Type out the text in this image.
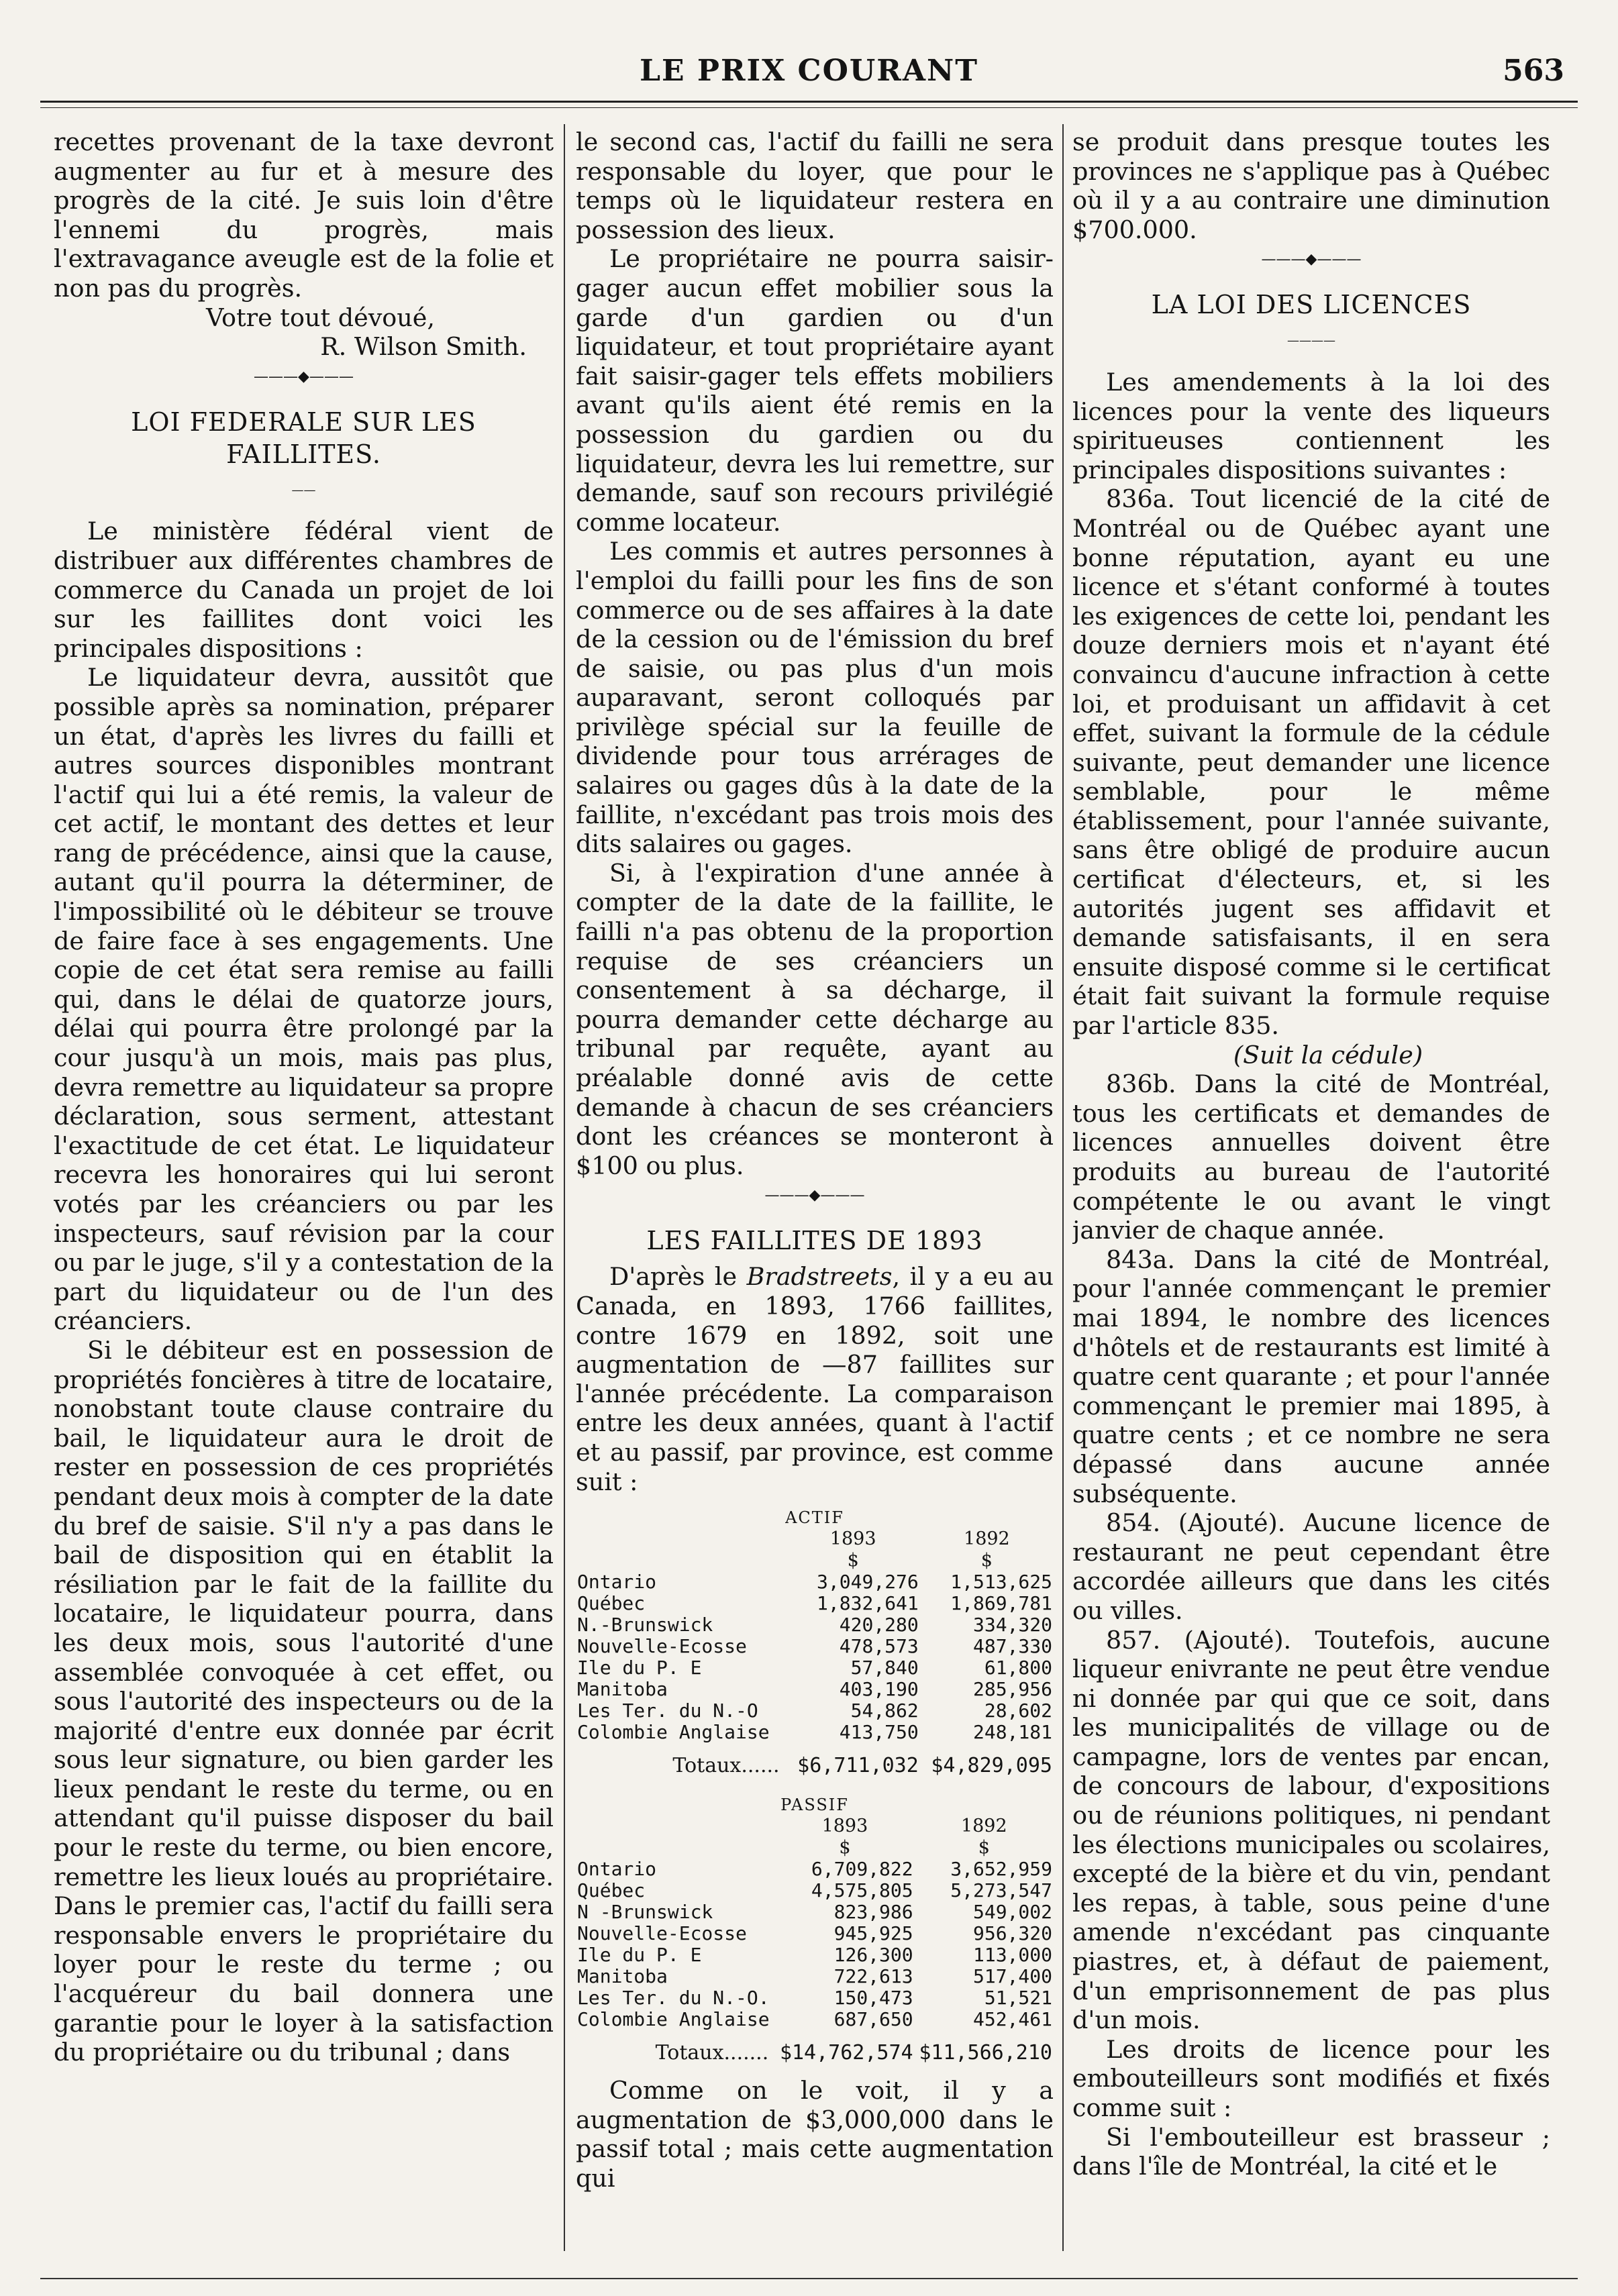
LE PRIX COURANT	563

recettes provenant de la taxe devront augmenter au fur et à mesure des progrès de la cité. Je suis loin d'être l'ennemi du progrès, mais l'extravagance aveugle est de la folie et non pas du progrès.

Votre tout dévoué,

R. Wilson Smith.

———◆———
LOI FEDERALE SUR LES FAILLITES.
——

Le ministère fédéral vient de distribuer aux différentes chambres de commerce du Canada un projet de loi sur les faillites dont voici les principales dispositions :

Le liquidateur devra, aussitôt que possible après sa nomination, préparer un état, d'après les livres du failli et autres sources disponibles montrant l'actif qui lui a été remis, la valeur de cet actif, le montant des dettes et leur rang de précédence, ainsi que la cause, autant qu'il pourra la déterminer, de l'impossibilité où le débiteur se trouve de faire face à ses engagements. Une copie de cet état sera remise au failli qui, dans le délai de quatorze jours, délai qui pourra être prolongé par la cour jusqu'à un mois, mais pas plus, devra remettre au liquidateur sa propre déclaration, sous serment, attestant l'exactitude de cet état. Le liquidateur recevra les honoraires qui lui seront votés par les créanciers ou par les inspecteurs, sauf révision par la cour ou par le juge, s'il y a contestation de la part du liquidateur ou de l'un des créanciers.

Si le débiteur est en possession de propriétés foncières à titre de locataire, nonobstant toute clause contraire du bail, le liquidateur aura le droit de rester en possession de ces propriétés pendant deux mois à compter de la date du bref de saisie. S'il n'y a pas dans le bail de disposition qui en établit la résiliation par le fait de la faillite du locataire, le liquidateur pourra, dans les deux mois, sous l'autorité d'une assemblée convoquée à cet effet, ou sous l'autorité des inspecteurs ou de la majorité d'entre eux donnée par écrit sous leur signature, ou bien garder les lieux pendant le reste du terme, ou en attendant qu'il puisse disposer du bail pour le reste du terme, ou bien encore, remettre les lieux loués au propriétaire. Dans le premier cas, l'actif du failli sera responsable envers le propriétaire du loyer pour le reste du terme ; ou l'acquéreur du bail donnera une garantie pour le loyer à la satisfaction du propriétaire ou du tribunal ; dans

le second cas, l'actif du failli ne sera responsable du loyer, que pour le temps où le liquidateur restera en possession des lieux.

Le propriétaire ne pourra saisir-gager aucun effet mobilier sous la garde d'un gardien ou d'un liquidateur, et tout propriétaire ayant fait saisir-gager tels effets mobiliers avant qu'ils aient été remis en la possession du gardien ou du liquidateur, devra les lui remettre, sur demande, sauf son recours privilégié comme locateur.

Les commis et autres personnes à l'emploi du failli pour les fins de son commerce ou de ses affaires à la date de la cession ou de l'émission du bref de saisie, ou pas plus d'un mois auparavant, seront colloqués par privilège spécial sur la feuille de dividende pour tous arrérages de salaires ou gages dûs à la date de la faillite, n'excédant pas trois mois des dits salaires ou gages.

Si, à l'expiration d'une année à compter de la date de la faillite, le failli n'a pas obtenu de la proportion requise de ses créanciers un consentement à sa décharge, il pourra demander cette décharge au tribunal par requête, ayant au préalable donné avis de cette demande à chacun de ses créanciers dont les créances se monteront à $100 ou plus.

———◆———
LES FAILLITES DE 1893

D'après le Bradstreets, il y a eu au Canada, en 1893, 1766 faillites, contre 1679 en 1892, soit une augmentation de —87 faillites sur l'année précédente. La comparaison entre les deux années, quant à l'actif et au passif, par province, est comme suit :

ACTIF		
	1893	1892
	$	$
Ontario	3,049,276	1,513,625
Québec	1,832,641	1,869,781
N.-Brunswick	420,280	334,320
Nouvelle-Ecosse	478,573	487,330
Ile du P. E	57,840	61,800
Manitoba	403,190	285,956
Les Ter. du N.-O	54,862	28,602
Colombie Anglaise	413,750	248,181
Totaux......	$6,711,032	$4,829,095
PASSIF		
	1893	1892
	$	$
Ontario	6,709,822	3,652,959
Québec	4,575,805	5,273,547
N -Brunswick	823,986	549,002
Nouvelle-Ecosse	945,925	956,320
Ile du P. E	126,300	113,000
Manitoba	722,613	517,400
Les Ter. du N.-O.	150,473	51,521
Colombie Anglaise	687,650	452,461
Totaux.......	$14,762,574	$11,566,210

Comme on le voit, il y a augmentation de $3,000,000 dans le passif total ; mais cette augmentation qui

se produit dans presque toutes les provinces ne s'applique pas à Québec où il y a au contraire une diminution $700.000.

———◆———
LA LOI DES LICENCES
————

Les amendements à la loi des licences pour la vente des liqueurs spiritueuses contiennent les principales dispositions suivantes :

836a. Tout licencié de la cité de Montréal ou de Québec ayant une bonne réputation, ayant eu une licence et s'étant conformé à toutes les exigences de cette loi, pendant les douze derniers mois et n'ayant été convaincu d'aucune infraction à cette loi, et produisant un affidavit à cet effet, suivant la formule de la cédule suivante, peut demander une licence semblable, pour le même établissement, pour l'année suivante, sans être obligé de produire aucun certificat d'électeurs, et, si les autorités jugent ses affidavit et demande satisfaisants, il en sera ensuite disposé comme si le certificat était fait suivant la formule requise par l'article 835.

(Suit la cédule)

836b. Dans la cité de Montréal, tous les certificats et demandes de licences annuelles doivent être produits au bureau de l'autorité compétente le ou avant le vingt janvier de chaque année.

843a. Dans la cité de Montréal, pour l'année commençant le premier mai 1894, le nombre des licences d'hôtels et de restaurants est limité à quatre cent quarante ; et pour l'année commençant le premier mai 1895, à quatre cents ; et ce nombre ne sera dépassé dans aucune année subséquente.

854. (Ajouté). Aucune licence de restaurant ne peut cependant être accordée ailleurs que dans les cités ou villes.

857. (Ajouté). Toutefois, aucune liqueur enivrante ne peut être vendue ni donnée par qui que ce soit, dans les municipalités de village ou de campagne, lors de ventes par encan, de concours de labour, d'expositions ou de réunions politiques, ni pendant les élections municipales ou scolaires, excepté de la bière et du vin, pendant les repas, à table, sous peine d'une amende n'excédant pas cinquante piastres, et, à défaut de paiement, d'un emprisonnement de pas plus d'un mois.

Les droits de licence pour les embouteilleurs sont modifiés et fixés comme suit :

Si l'embouteilleur est brasseur ; dans l'île de Montréal, la cité et le
